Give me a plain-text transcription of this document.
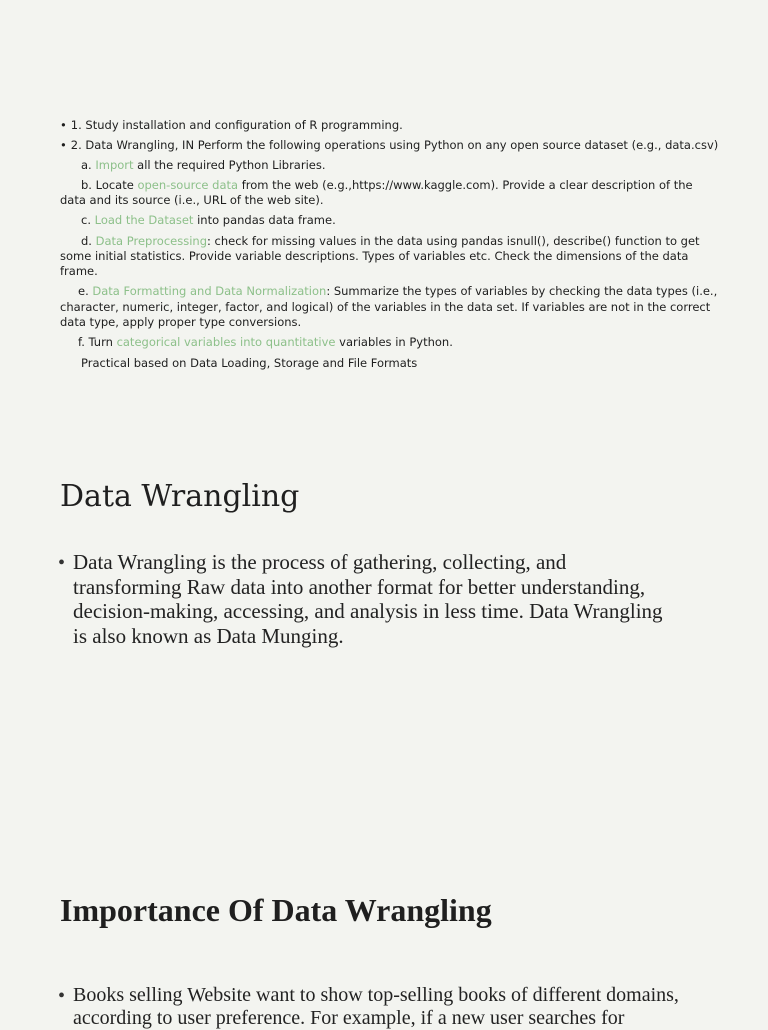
• 1. Study installation and configuration of R programming.
• 2. Data Wrangling, IN Perform the following operations using Python on any open source dataset (e.g., data.csv)
a. Import all the required Python Libraries.
b. Locate open-source data from the web (e.g.,https://www.kaggle.com). Provide a clear description of the
data and its source (i.e., URL of the web site).
c. Load the Dataset into pandas data frame.
d. Data Preprocessing: check for missing values in the data using pandas isnull(), describe() function to get
some initial statistics. Provide variable descriptions. Types of variables etc. Check the dimensions of the data
frame.
e. Data Formatting and Data Normalization: Summarize the types of variables by checking the data types (i.e.,
character, numeric, integer, factor, and logical) of the variables in the data set. If variables are not in the correct
data type, apply proper type conversions.
f. Turn categorical variables into quantitative variables in Python.
Practical based on Data Loading, Storage and File Formats
Data Wrangling
• Data Wrangling is the process of gathering, collecting, and
transforming Raw data into another format for better understanding,
decision-making, accessing, and analysis in less time. Data Wrangling
is also known as Data Munging.
Importance Of Data Wrangling
• Books selling Website want to show top-selling books of different domains,
according to user preference. For example, if a new user searches for
